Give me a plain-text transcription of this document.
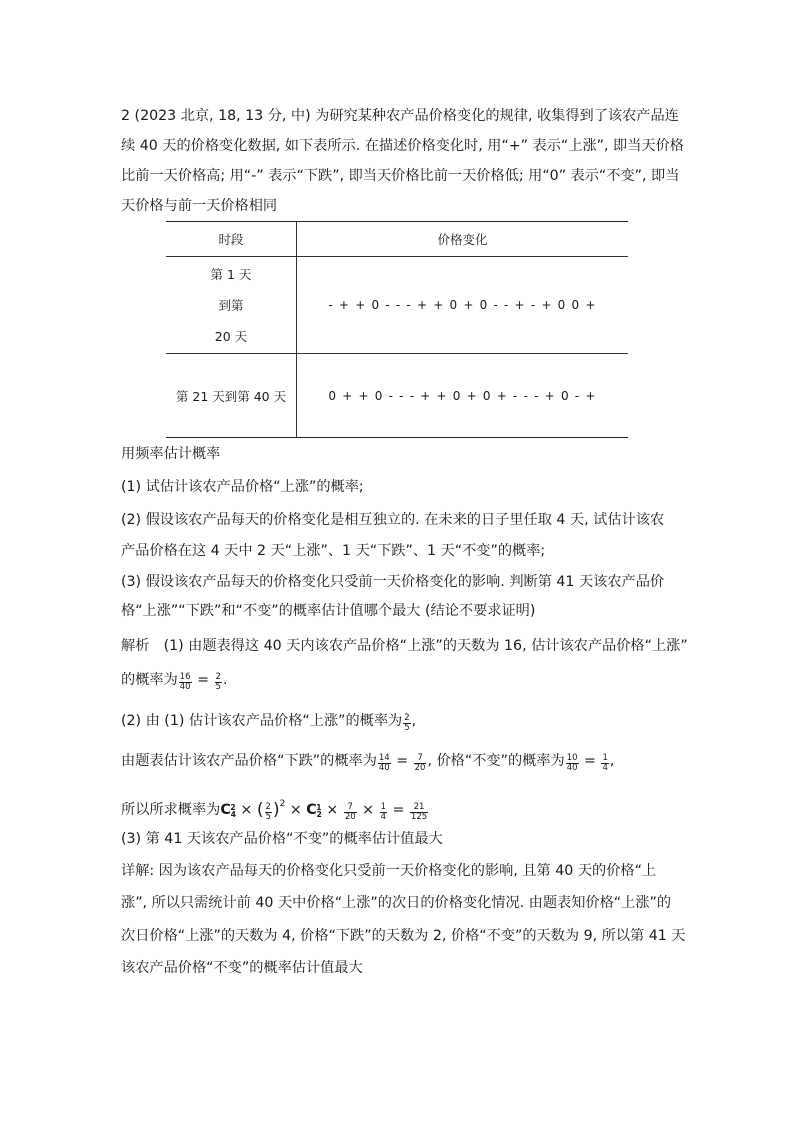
2 (2023 北京, 18, 13 分, 中) 为研究某种农产品价格变化的规律, 收集得到了该农产品连
续 40 天的价格变化数据, 如下表所示. 在描述价格变化时, 用“+” 表示“上涨”, 即当天价格
比前一天价格高; 用“-” 表示“下跌”, 即当天价格比前一天价格低; 用“0” 表示“不变”, 即当
天价格与前一天价格相同
时段	价格变化

第 1 天
到第
20 天	- + + 0 - - - + + 0 + 0 - - + - + 0 0 +
第 21 天到第 40 天	0 + + 0 - - - + + 0 + 0 + - - - + 0 - +
用频率估计概率
(1) 试估计该农产品价格“上涨”的概率;
(2) 假设该农产品每天的价格变化是相互独立的. 在未来的日子里任取 4 天, 试估计该农
产品价格在这 4 天中 2 天“上涨”、1 天“下跌”、1 天“不变”的概率;
(3) 假设该农产品每天的价格变化只受前一天价格变化的影响. 判断第 41 天该农产品价
格“上涨”“下跌”和“不变”的概率估计值哪个最大 (结论不要求证明)
解析　(1) 由题表得这 40 天内该农产品价格“上涨”的天数为 16, 估计该农产品价格“上涨”
的概率为 $\frac{16}{40} = \frac{2}{5}$ .
(2) 由 (1) 估计该农产品价格“上涨”的概率为 $\frac{2}{5}$ ,
由题表估计该农产品价格“下跌”的概率为 $\frac{14}{40} = \frac{7}{20}$ , 价格“不变”的概率为 $\frac{10}{40} = \frac{1}{4}$ ,
所以所求概率为C 2
$_4$ × ( $\frac{2}{5} )^2 \times C$ 1
$_2 \times \frac{7}{20} \times \frac{1}{4} = \frac{21}{125}$
(3) 第 41 天该农产品价格“不变”的概率估计值最大
详解: 因为该农产品每天的价格变化只受前一天价格变化的影响, 且第 40 天的价格“上
涨”, 所以只需统计前 40 天中价格“上涨”的次日的价格变化情况. 由题表知价格“上涨”的
次日价格“上涨”的天数为 4, 价格“下跌”的天数为 2, 价格“不变”的天数为 9, 所以第 41 天
该农产品价格“不变”的概率估计值最大
